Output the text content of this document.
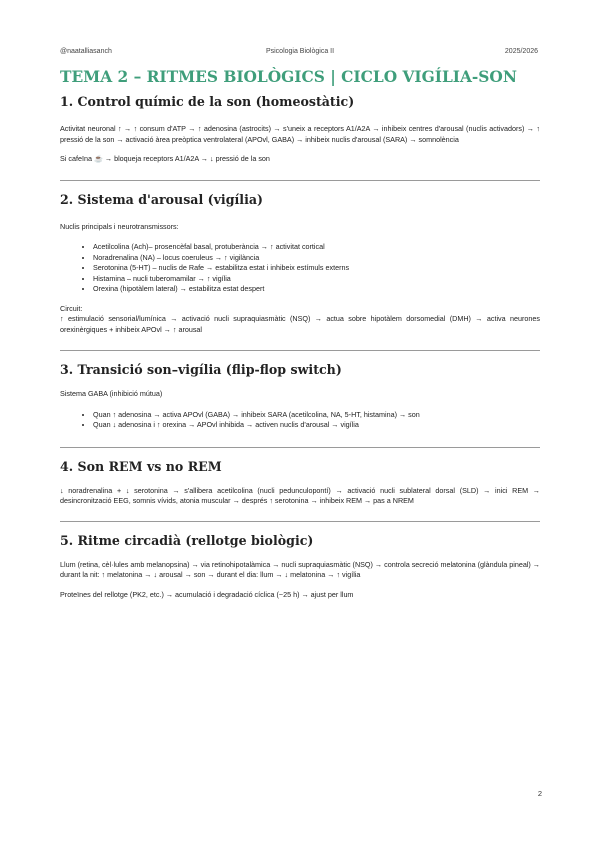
@naatalliasanch	Psicologia Biològica II	2025/2026
TEMA 2 – RITMES BIOLÒGICS | CICLO VIGÍLIA-SON
1. Control químic de la son (homeostàtic)

Activitat neuronal ↑ → ↑ consum d'ATP → ↑ adenosina (astrocits) → s'uneix a receptors A1/A2A → inhibeix centres d'arousal (nuclis activadors) → ↑ pressió de la son → activació àrea preòptica ventrolateral (APOvl, GABA) → inhibeix nuclis d'arousal (SARA) → somnolència

Si cafeïna ☕ → bloqueja receptors A1/A2A → ↓ pressió de la son

2. Sistema d'arousal (vigília)

Nuclis principals i neurotransmissors:

• Acetilcolina (Ach)– prosencèfal basal, protuberància → ↑ activitat cortical
• Noradrenalina (NA) – locus coeruleus → ↑ vigilància
• Serotonina (5-HT) – nuclis de Rafe → estabilitza estat i inhibeix estímuls externs
• Histamina – nucli tuberomamilar → ↑ vigília
• Orexina (hipotàlem lateral) → estabilitza estat despert

Circuit:

↑ estimulació sensorial/lumínica → activació nucli supraquiasmàtic (NSQ) → actua sobre hipotàlem dorsomedial (DMH) → activa neurones orexinèrgiques + inhibeix APOvl → ↑ arousal

3. Transició son–vigília (flip-flop switch)

Sistema GABA (inhibició mútua)

• Quan ↑ adenosina → activa APOvl (GABA) → inhibeix SARA (acetilcolina, NA, 5-HT, histamina) → son
• Quan ↓ adenosina i ↑ orexina → APOvl inhibida → activen nuclis d'arousal → vigília
4. Son REM vs no REM

↓ noradrenalina + ↓ serotonina → s'allibera acetilcolina (nucli pedunculopontí) → activació nucli sublateral dorsal (SLD) → inici REM → desincronització EEG, somnis vívids, atonia muscular → després ↑ serotonina → inhibeix REM → pas a NREM

5. Ritme circadià (rellotge biològic)

Llum (retina, cèl·lules amb melanopsina) → via retinohipotalàmica → nucli supraquiasmàtic (NSQ) → controla secreció melatonina (glàndula pineal) → durant la nit: ↑ melatonina → ↓ arousal → son → durant el dia: llum → ↓ melatonina → ↑ vigília

Proteïnes del rellotge (PK2, etc.) → acumulació i degradació cíclica (~25 h) → ajust per llum

2
